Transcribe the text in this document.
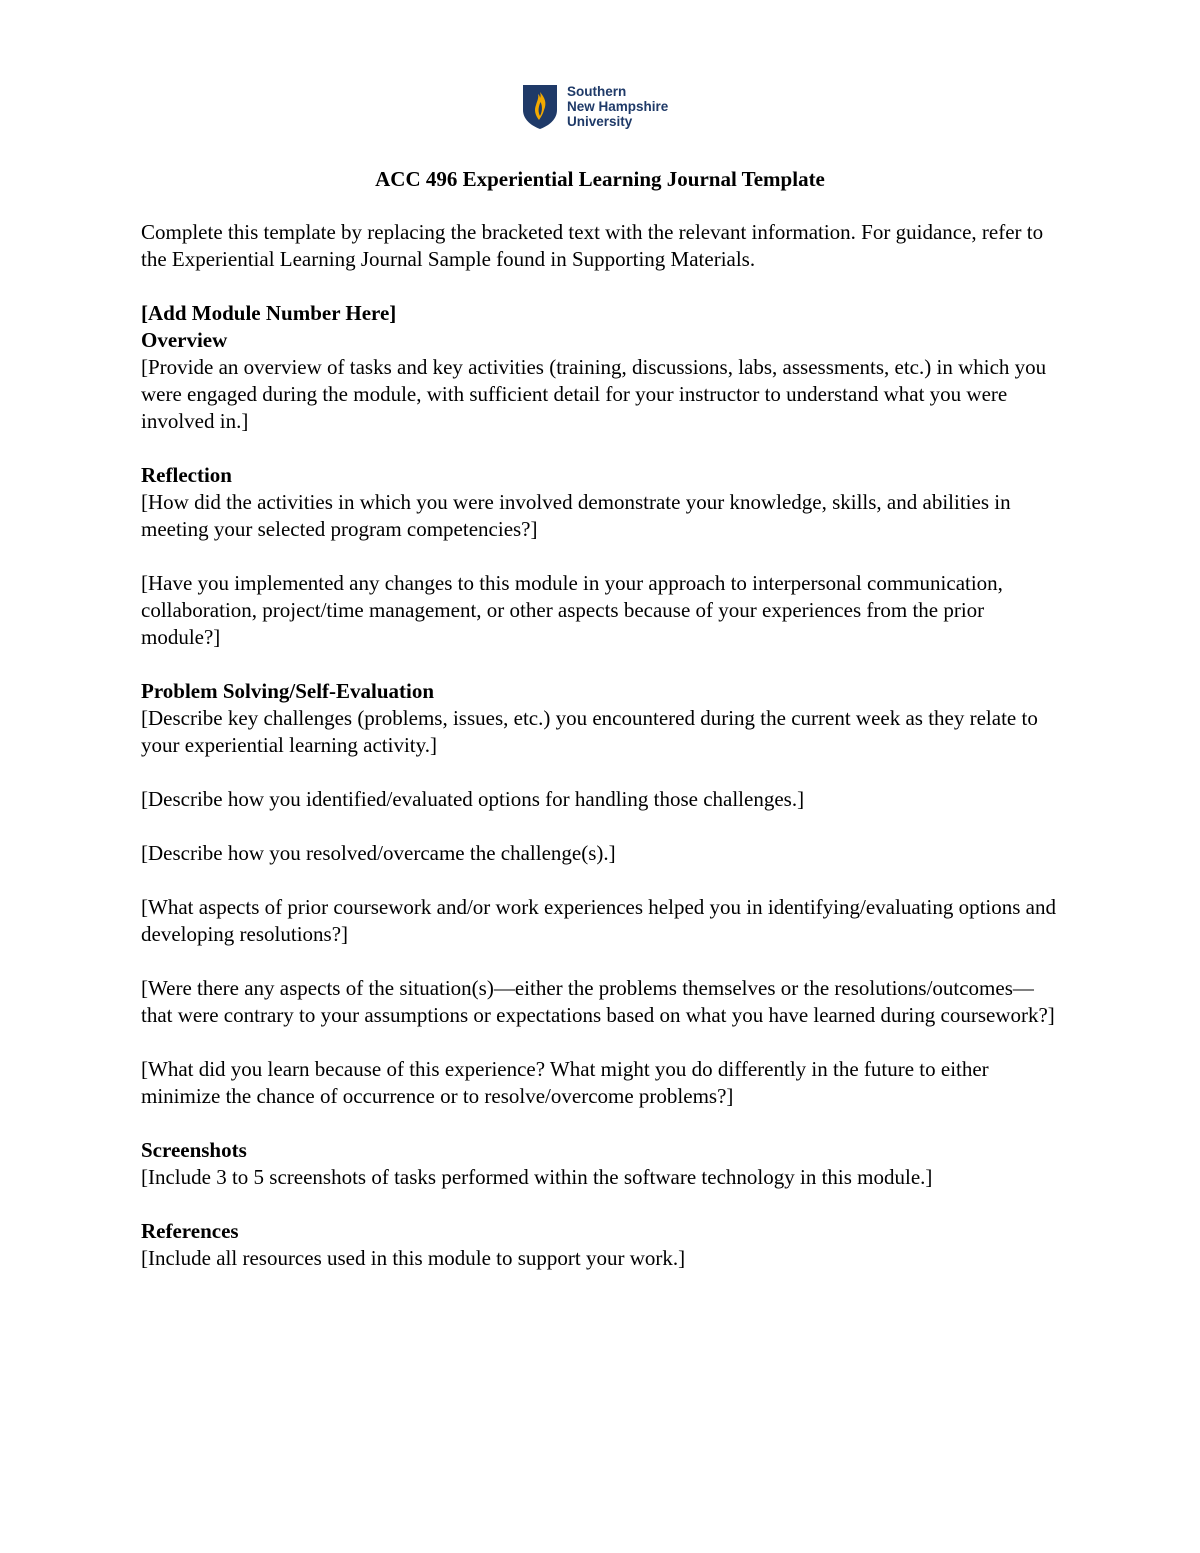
Southern
New Hampshire
University
ACC 496 Experiential Learning Journal Template

Complete this template by replacing the bracketed text with the relevant information. For guidance, refer to the Experiential Learning Journal Sample found in Supporting Materials.

[Add Module Number Here]

Overview

[Provide an overview of tasks and key activities (training, discussions, labs, assessments, etc.) in which you were engaged during the module, with sufficient detail for your instructor to understand what you were involved in.]

Reflection

[How did the activities in which you were involved demonstrate your knowledge, skills, and abilities in meeting your selected program competencies?]

[Have you implemented any changes to this module in your approach to interpersonal communication, collaboration, project/time management, or other aspects because of your experiences from the prior module?]

Problem Solving/Self-Evaluation

[Describe key challenges (problems, issues, etc.) you encountered during the current week as they relate to your experiential learning activity.]

[Describe how you identified/evaluated options for handling those challenges.]

[Describe how you resolved/overcame the challenge(s).]

[What aspects of prior coursework and/or work experiences helped you in identifying/evaluating options and developing resolutions?]

[Were there any aspects of the situation(s)—either the problems themselves or the resolutions/outcomes—that were contrary to your assumptions or expectations based on what you have learned during coursework?]

[What did you learn because of this experience? What might you do differently in the future to either minimize the chance of occurrence or to resolve/overcome problems?]

Screenshots

[Include 3 to 5 screenshots of tasks performed within the software technology in this module.]

References

[Include all resources used in this module to support your work.]
